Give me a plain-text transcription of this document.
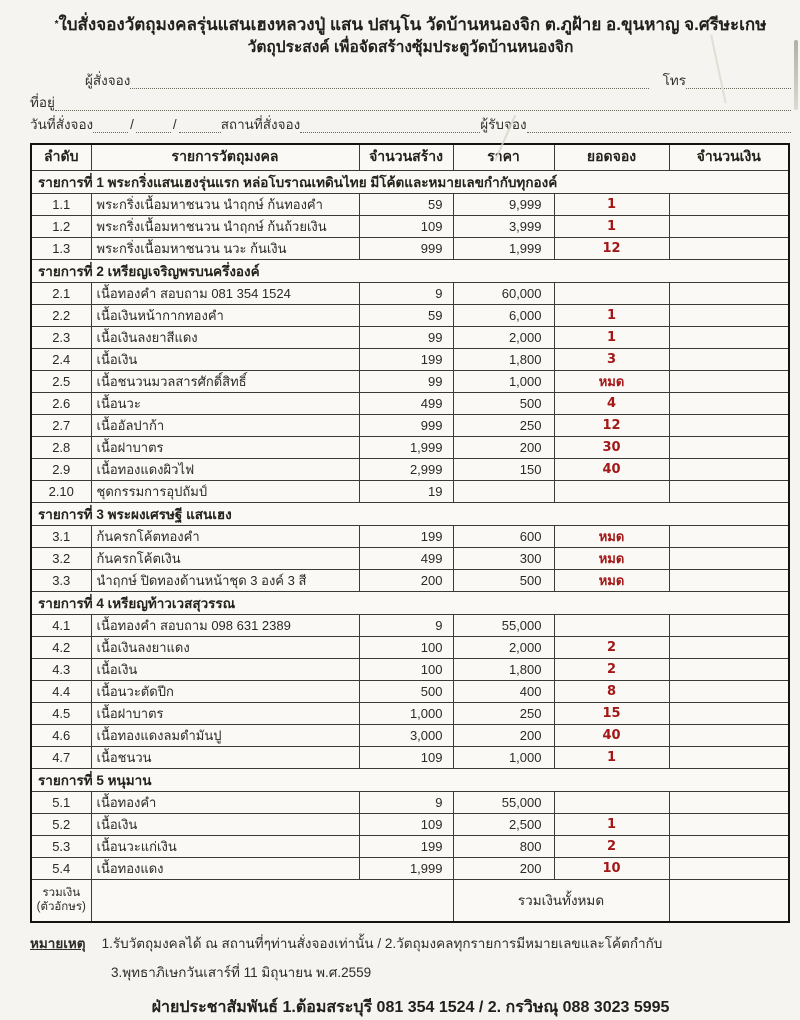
*ใบสั่งจองวัตถุมงคลรุ่นแสนเฮงหลวงปู่ แสน ปสนฺโน วัดบ้านหนองจิก ต.ภูฝ้าย อ.ขุนหาญ จ.ศรีษะเกษ
วัตถุประสงค์ เพื่อจัดสร้างซุ้มประตูวัดบ้านหนองจิก
ผู้สั่งจอง	โทร
ที่อยู่
วันที่สั่งจอง	/	/	สถานที่สั่งจอง	ผู้รับจอง
ลำดับ	รายการวัตถุมงคล	จำนวนสร้าง	ราคา	ยอดจอง	จำนวนเงิน
รายการที่ 1 พระกริ่งแสนเฮงรุ่นแรก หล่อโบราณเทดินไทย มีโค้ตและหมายเลขกำกับทุกองค์					
1.1	พระกริ่งเนื้อมหาชนวน นำฤกษ์ ก้นทองคำ	59	9,999	1	
1.2	พระกริ่งเนื้อมหาชนวน นำฤกษ์ ก้นถ้วยเงิน	109	3,999	1	
1.3	พระกริ่งเนื้อมหาชนวน นวะ ก้นเงิน	999	1,999	12	
รายการที่ 2 เหรียญเจริญพรบนครึ่งองค์					
2.1	เนื้อทองคำ สอบถาม 081 354 1524	9	60,000		
2.2	เนื้อเงินหน้ากากทองคำ	59	6,000	1	
2.3	เนื้อเงินลงยาสีแดง	99	2,000	1	
2.4	เนื้อเงิน	199	1,800	3	
2.5	เนื้อชนวนมวลสารศักดิ์สิทธิ์	99	1,000	หมด	
2.6	เนื้อนวะ	499	500	4	
2.7	เนื้ออัลปาก้า	999	250	12	
2.8	เนื้อฝาบาตร	1,999	200	30	
2.9	เนื้อทองแดงผิวไฟ	2,999	150	40	
2.10	ชุดกรรมการอุปถัมป์	19			
รายการที่ 3 พระผงเศรษฐี แสนเฮง					
3.1	ก้นครกโค้ตทองคำ	199	600	หมด	
3.2	ก้นครกโค้ตเงิน	499	300	หมด	
3.3	นำฤกษ์ ปิดทองด้านหน้าชุด 3 องค์ 3 สี	200	500	หมด	
รายการที่ 4 เหรียญท้าวเวสสุวรรณ					
4.1	เนื้อทองคำ สอบถาม 098 631 2389	9	55,000		
4.2	เนื้อเงินลงยาแดง	100	2,000	2	
4.3	เนื้อเงิน	100	1,800	2	
4.4	เนื้อนวะตัดปีก	500	400	8	
4.5	เนื้อฝาบาตร	1,000	250	15	
4.6	เนื้อทองแดงลมดำมันปู	3,000	200	40	
4.7	เนื้อชนวน	109	1,000	1	
รายการที่ 5 หนุมาน					
5.1	เนื้อทองคำ	9	55,000		
5.2	เนื้อเงิน	109	2,500	1	
5.3	เนื้อนวะแก่เงิน	199	800	2	
5.4	เนื้อทองแดง	1,999	200	10	

รวมเงิน
(ตัวอักษร)			รวมเงินทั้งหมด		
หมายเหตุ 1.รับวัตถุมงคลได้ ณ สถานที่ๆท่านสั่งจองเท่านั้น / 2.วัตถุมงคลทุกรายการมีหมายเลขและโค้ตกำกับ
3.พุทธาภิเษกวันเสาร์ที่ 11 มิถุนายน พ.ศ.2559
ฝ่ายประชาสัมพันธ์ 1.ต้อมสระบุรี 081 354 1524 / 2. กรวิษณุ 088 3023 5995
